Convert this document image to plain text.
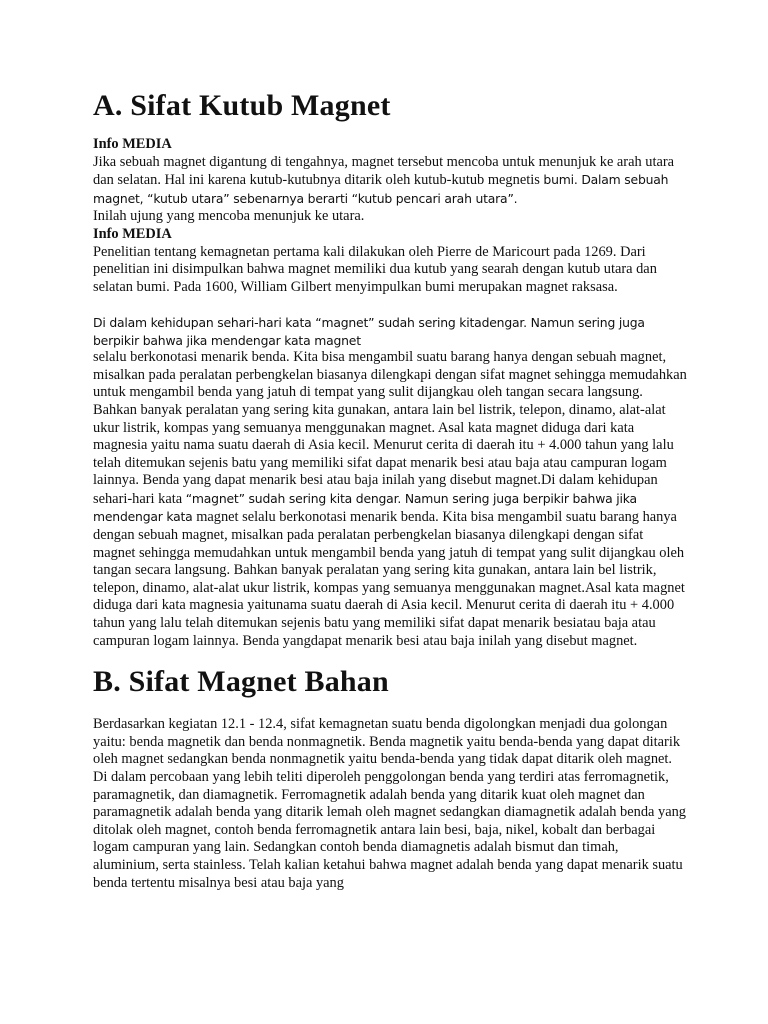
A. Sifat Kutub Magnet

Info MEDIA

Jika sebuah magnet digantung di tengahnya, magnet tersebut mencoba untuk menunjuk ke arah utara dan selatan. Hal ini karena kutub-kutubnya ditarik oleh kutub-kutub megnetis bumi. Dalam sebuah magnet, “kutub utara” sebenarnya berarti “kutub pencari arah utara”.

Inilah ujung yang mencoba menunjuk ke utara.

Info MEDIA

Penelitian tentang kemagnetan pertama kali dilakukan oleh Pierre de Maricourt pada 1269. Dari penelitian ini disimpulkan bahwa magnet memiliki dua kutub yang searah dengan kutub utara dan selatan bumi. Pada 1600, William Gilbert menyimpulkan bumi merupakan magnet raksasa.

Di dalam kehidupan sehari-hari kata “magnet” sudah sering kitadengar. Namun sering juga berpikir bahwa jika mendengar kata magnet

selalu berkonotasi menarik benda. Kita bisa mengambil suatu barang hanya dengan sebuah magnet, misalkan pada peralatan perbengkelan biasanya dilengkapi dengan sifat magnet sehingga memudahkan untuk mengambil benda yang jatuh di tempat yang sulit dijangkau oleh tangan secara langsung. Bahkan banyak peralatan yang sering kita gunakan, antara lain bel listrik, telepon, dinamo, alat-alat ukur listrik, kompas yang semuanya menggunakan magnet. Asal kata magnet diduga dari kata magnesia yaitu nama suatu daerah di Asia kecil. Menurut cerita di daerah itu + 4.000 tahun yang lalu telah ditemukan sejenis batu yang memiliki sifat dapat menarik besi atau baja atau campuran logam lainnya. Benda yang dapat menarik besi atau baja inilah yang disebut magnet.Di dalam kehidupan sehari-hari kata “magnet” sudah sering kita dengar. Namun sering juga berpikir bahwa jika mendengar kata magnet selalu berkonotasi menarik benda. Kita bisa mengambil suatu barang hanya dengan sebuah magnet, misalkan pada peralatan perbengkelan biasanya dilengkapi dengan sifat magnet sehingga memudahkan untuk mengambil benda yang jatuh di tempat yang sulit dijangkau oleh tangan secara langsung. Bahkan banyak peralatan yang sering kita gunakan, antara lain bel listrik, telepon, dinamo, alat-alat ukur listrik, kompas yang semuanya menggunakan magnet.Asal kata magnet diduga dari kata magnesia yaitunama suatu daerah di Asia kecil. Menurut cerita di daerah itu + 4.000 tahun yang lalu telah ditemukan sejenis batu yang memiliki sifat dapat menarik besiatau baja atau campuran logam lainnya. Benda yangdapat menarik besi atau baja inilah yang disebut magnet.

B. Sifat Magnet Bahan

Berdasarkan kegiatan 12.1 - 12.4, sifat kemagnetan suatu benda digolongkan menjadi dua golongan yaitu: benda magnetik dan benda nonmagnetik. Benda magnetik yaitu benda-benda yang dapat ditarik oleh magnet sedangkan benda nonmagnetik yaitu benda-benda yang tidak dapat ditarik oleh magnet.

Di dalam percobaan yang lebih teliti diperoleh penggolongan benda yang terdiri atas ferromagnetik, paramagnetik, dan diamagnetik. Ferromagnetik adalah benda yang ditarik kuat oleh magnet dan paramagnetik adalah benda yang ditarik lemah oleh magnet sedangkan diamagnetik adalah benda yang ditolak oleh magnet, contoh benda ferromagnetik antara lain besi, baja, nikel, kobalt dan berbagai logam campuran yang lain. Sedangkan contoh benda diamagnetis adalah bismut dan timah, aluminium, serta stainless. Telah kalian ketahui bahwa magnet adalah benda yang dapat menarik suatu benda tertentu misalnya besi atau baja yang
